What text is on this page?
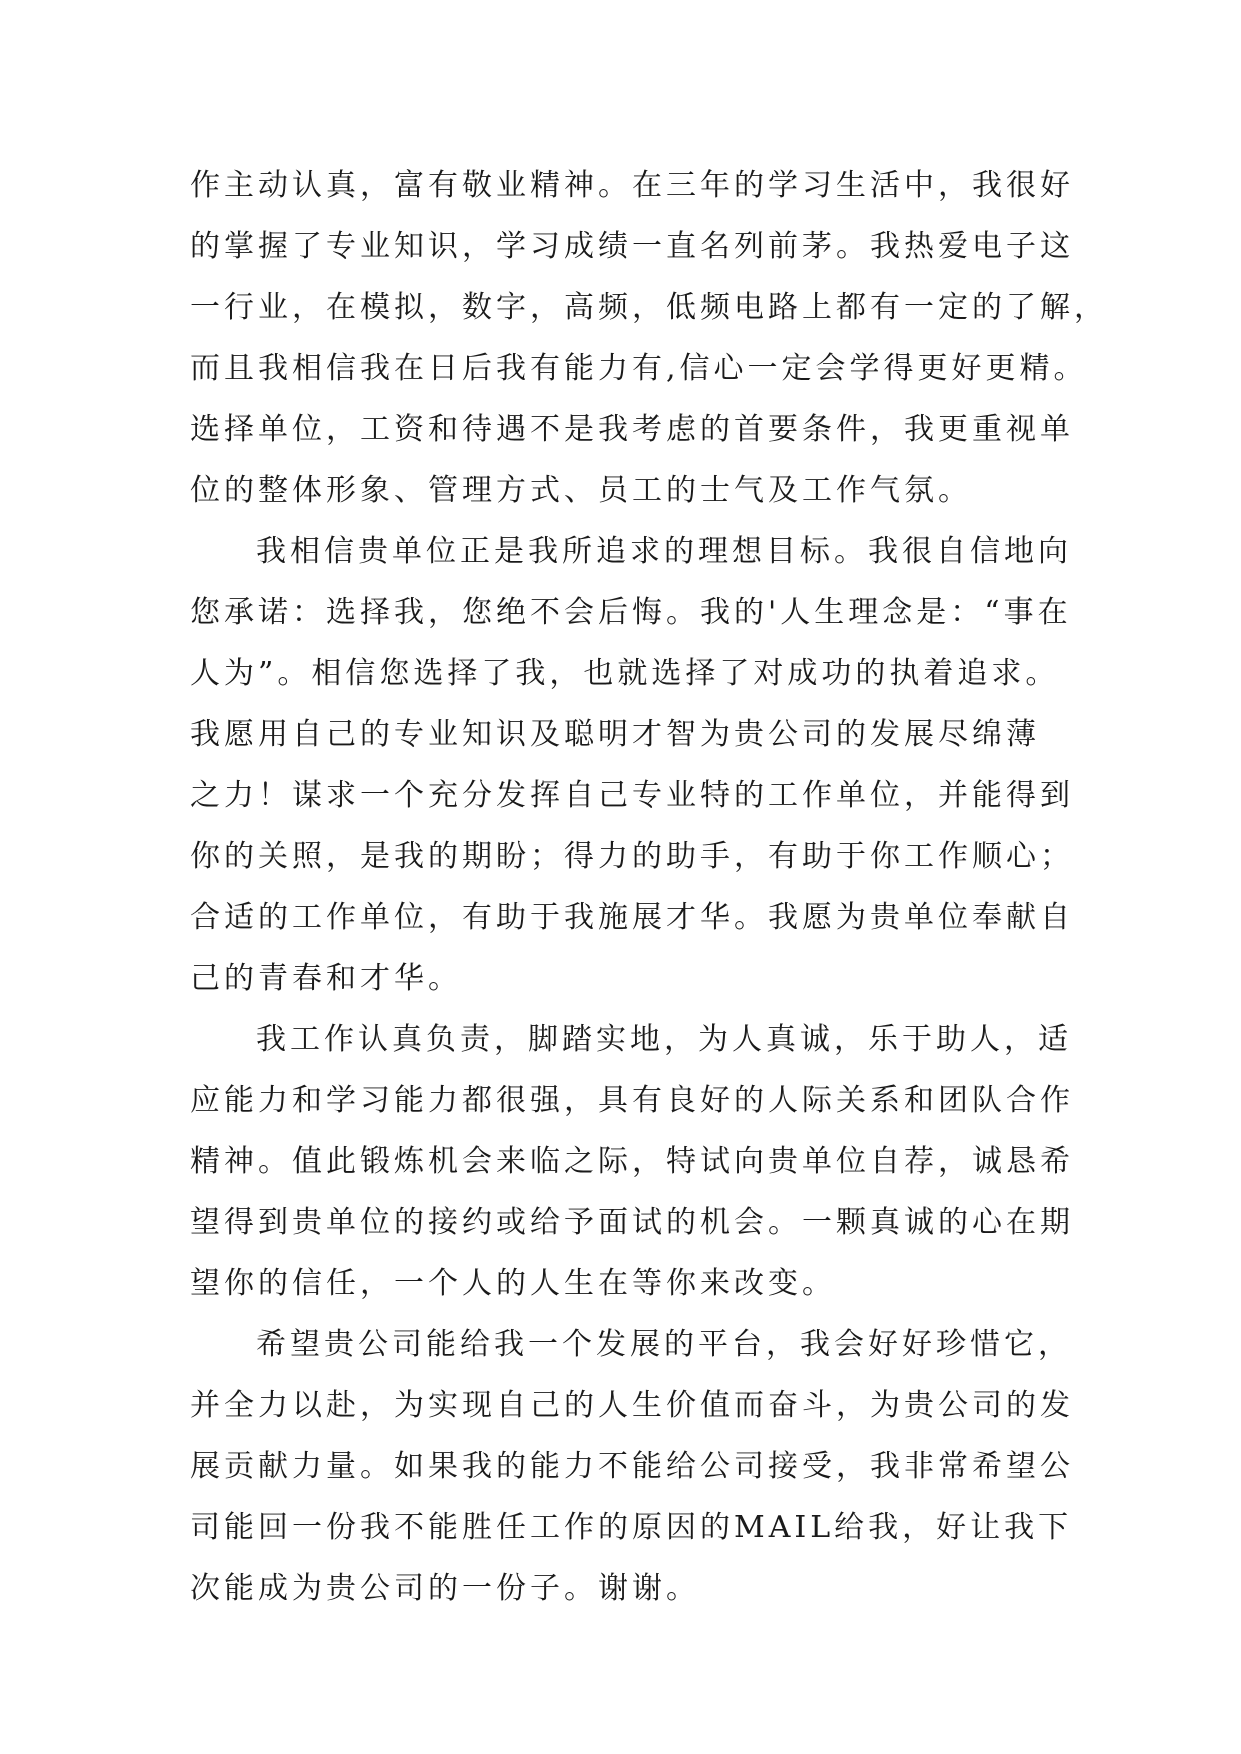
作主动认真，富有敬业精神。在三年的学习生活中，我很好
的掌握了专业知识，学习成绩一直名列前茅。我热爱电子这
一行业，在模拟，数字，高频，低频电路上都有一定的了解，
而且我相信我在日后我有能力有,信心一定会学得更好更精。
选择单位，工资和待遇不是我考虑的首要条件，我更重视单
位的整体形象、管理方式、员工的士气及工作气氛。
我相信贵单位正是我所追求的理想目标。我很自信地向
您承诺：选择我，您绝不会后悔。我的'人生理念是：“事在
人为”。相信您选择了我，也就选择了对成功的执着追求。
我愿用自己的专业知识及聪明才智为贵公司的发展尽绵薄
之力！谋求一个充分发挥自己专业特的工作单位，并能得到
你的关照，是我的期盼；得力的助手，有助于你工作顺心；
合适的工作单位，有助于我施展才华。我愿为贵单位奉献自
己的青春和才华。
我工作认真负责，脚踏实地，为人真诚，乐于助人，适
应能力和学习能力都很强，具有良好的人际关系和团队合作
精神。值此锻炼机会来临之际，特试向贵单位自荐，诚恳希
望得到贵单位的接约或给予面试的机会。一颗真诚的心在期
望你的信任，一个人的人生在等你来改变。
希望贵公司能给我一个发展的平台，我会好好珍惜它，
并全力以赴，为实现自己的人生价值而奋斗，为贵公司的发
展贡献力量。如果我的能力不能给公司接受，我非常希望公
司能回一份我不能胜任工作的原因的MAIL给我，好让我下
次能成为贵公司的一份子。谢谢。
